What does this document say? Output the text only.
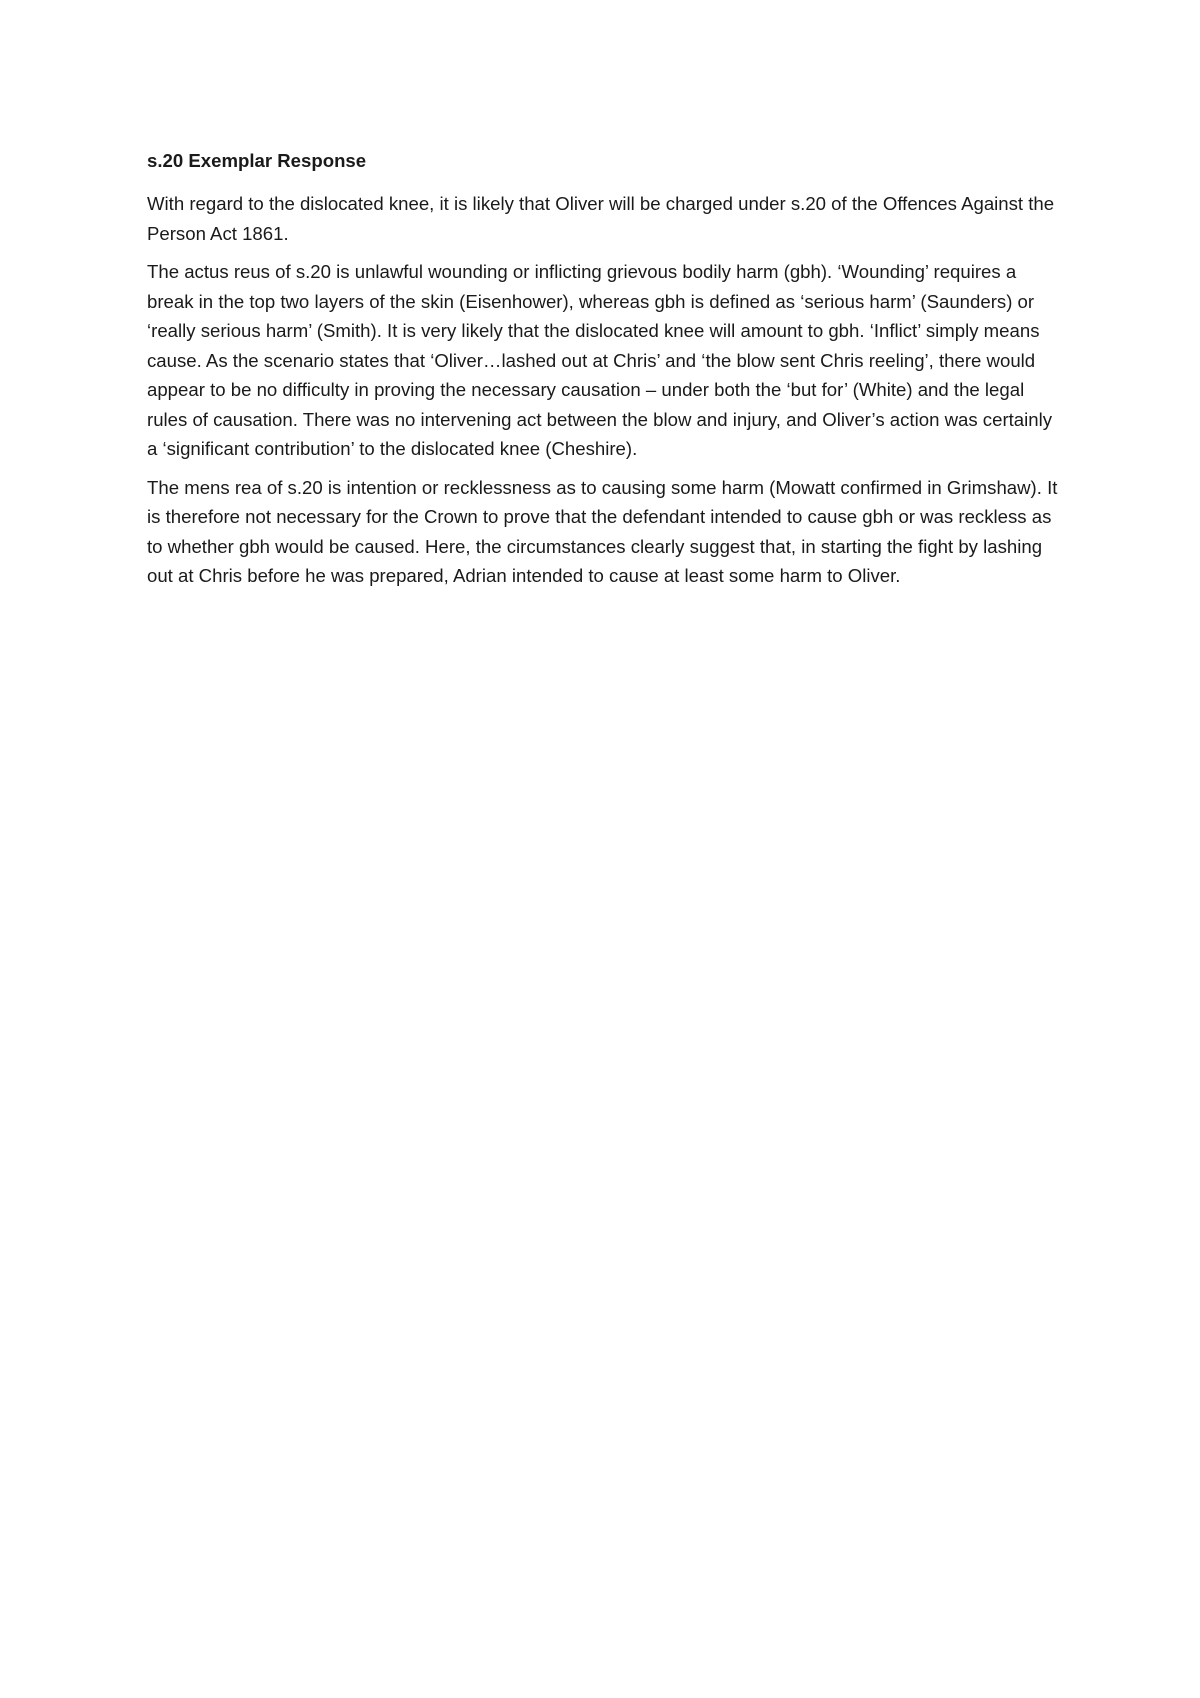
s.20 Exemplar Response

With regard to the dislocated knee, it is likely that Oliver will be charged under s.20 of the Offences Against the Person Act 1861.

The actus reus of s.20 is unlawful wounding or inflicting grievous bodily harm (gbh). ‘Wounding’ requires a break in the top two layers of the skin (Eisenhower), whereas gbh is defined as ‘serious harm’ (Saunders) or ‘really serious harm’ (Smith). It is very likely that the dislocated knee will amount to gbh. ‘Inflict’ simply means cause. As the scenario states that ‘Oliver…lashed out at Chris’ and ‘the blow sent Chris reeling’, there would appear to be no difficulty in proving the necessary causation – under both the ‘but for’ (White) and the legal rules of causation. There was no intervening act between the blow and injury, and Oliver’s action was certainly a ‘significant contribution’ to the dislocated knee (Cheshire).

The mens rea of s.20 is intention or recklessness as to causing some harm (Mowatt confirmed in Grimshaw). It is therefore not necessary for the Crown to prove that the defendant intended to cause gbh or was reckless as to whether gbh would be caused. Here, the circumstances clearly suggest that, in starting the fight by lashing out at Chris before he was prepared, Adrian intended to cause at least some harm to Oliver.
